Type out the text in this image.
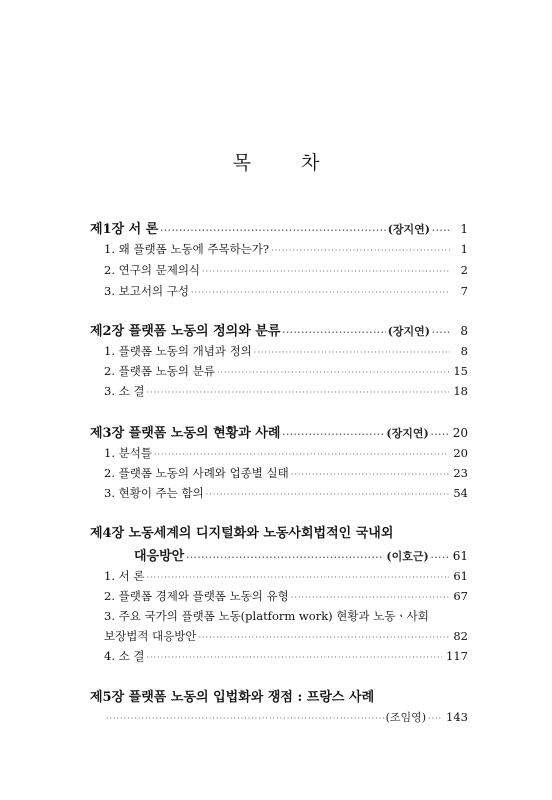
목 차
제1장 서 론 ·····	(장지연) ·····	1
1. 왜 플랫폼 노동에 주목하는가? ·····	1
2. 연구의 문제의식 ·····	2
3. 보고서의 구성 ·····	7
제2장 플랫폼 노동의 정의와 분류 ·····	(장지연) ·····	8
1. 플랫폼 노동의 개념과 정의 ·····	8
2. 플랫폼 노동의 분류 ·····	15
3. 소 결 ·····	18
제3장 플랫폼 노동의 현황과 사례 ·····	(장지연) ····· 20
1. 분석틀 ·····	20
2. 플랫폼 노동의 사례와 업종별 실태 ·····	23
3. 현황이 주는 함의 ·····	54
제4장 노동세계의 디지털화와 노동사회법적인 국내외
대응방안 ·····	(이호근) ····· 61
1. 서 론 ·····	61
2. 플랫폼 경제와 플랫폼 노동의 유형 ·····	67
3. 주요 국가의 플랫폼 노동(platform work) 현황과 노동ㆍ사회
보장법적 대응방안 ·····	82
4. 소 결 ·····	117
제5장 플랫폼 노동의 입법화와 쟁점 : 프랑스 사례
·····
(조임영) ····· 143
